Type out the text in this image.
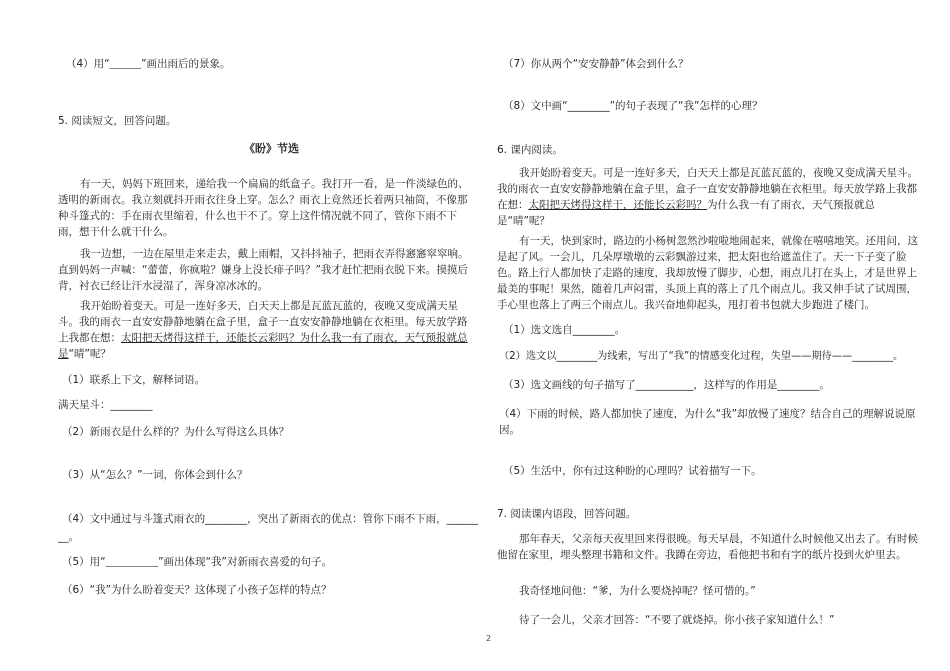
（4）用“⸏⸏⸏”画出雨后的景象。
5. 阅读短文，回答问题。
《盼》节选
有一天，妈妈下班回来，递给我一个扁扁的纸盒子。我打开一看，是一件淡绿色的、透明的新雨衣。我立刻就抖开雨衣往身上穿。怎么？雨衣上竟然还长着两只袖筒，不像那种斗篷式的：手在雨衣里缩着，什么也干不了。穿上这件情况就不同了，管你下雨不下雨，想干什么就干什么。
我一边想，一边在屋里走来走去，戴上雨帽，又抖抖袖子，把雨衣弄得窸窸窣窣响。直到妈妈一声喊：“蕾蕾，你疯啦？嫌身上没长痱子吗？”我才赶忙把雨衣脱下来。摸摸后背，衬衣已经让汗水浸湿了，浑身凉冰冰的。
我开始盼着变天。可是一连好多天，白天天上都是瓦蓝瓦蓝的，夜晚又变成满天星斗。我的雨衣一直安安静静地躺在盒子里，盒子一直安安静静地躺在衣柜里。每天放学路上我都在想：太阳把天烤得这样干，还能长云彩吗？为什么我一有了雨衣，天气预报就总是“晴”呢？
（1）联系上下文，解释词语。
满天星斗：________
（2）新雨衣是什么样的？为什么写得这么具体？
（3）从“怎么？”一词，你体会到什么？
（4）文中通过与斗篷式雨衣的________，突出了新雨衣的优点：管你下雨不下雨，______
__。
（5）用“⸏⸏⸏⸏⸏”画出体现“我”对新雨衣喜爱的句子。
（6）“我”为什么盼着变天？这体现了小孩子怎样的特点？
（7）你从两个“安安静静”体会到什么？
（8）文中画“________”的句子表现了“我”怎样的心理？
6. 课内阅读。
我开始盼着变天。可是一连好多天，白天天上都是瓦蓝瓦蓝的，夜晚又变成满天星斗。我的雨衣一直安安静静地躺在盒子里，盒子一直安安静静地躺在衣柜里。每天放学路上我都在想：太阳把天烤得这样干，还能长云彩吗？为什么我一有了雨衣，天气预报就总是“晴”呢？
有一天，快到家时，路边的小杨树忽然沙啦啦地闹起来，就像在嘻嘻地笑。还用问，这是起了风。一会儿，几朵厚墩墩的云彩飘游过来，把太阳也给遮盖住了。天一下子变了脸色。路上行人都加快了走路的速度，我却放慢了脚步，心想，雨点儿打在头上，才是世界上最美的事呢！果然，随着几声闷雷，头顶上真的落上了几个雨点儿。我又伸手试了试周围，手心里也落上了两三个雨点儿。我兴奋地仰起头，甩打着书包就大步跑进了楼门。
（1）选文选自________。
（2）选文以________为线索，写出了“我”的情感变化过程，失望——期待——________。
（3）选文画线的句子描写了___________，这样写的作用是________。
（4）下雨的时候，路人都加快了速度，为什么“我”却放慢了速度？结合自己的理解说说原因。
（5）生活中，你有过这种盼的心理吗？试着描写一下。
7. 阅读课内语段，回答问题。
那年春天，父亲每天夜里回来得很晚。每天早晨，不知道什么时候他又出去了。有时候他留在家里，埋头整理书籍和文件。我蹲在旁边，看他把书和有字的纸片投到火炉里去。
我奇怪地问他：“爹，为什么要烧掉呢？怪可惜的。”
待了一会儿，父亲才回答：“不要了就烧掉。你小孩子家知道什么！”
2
